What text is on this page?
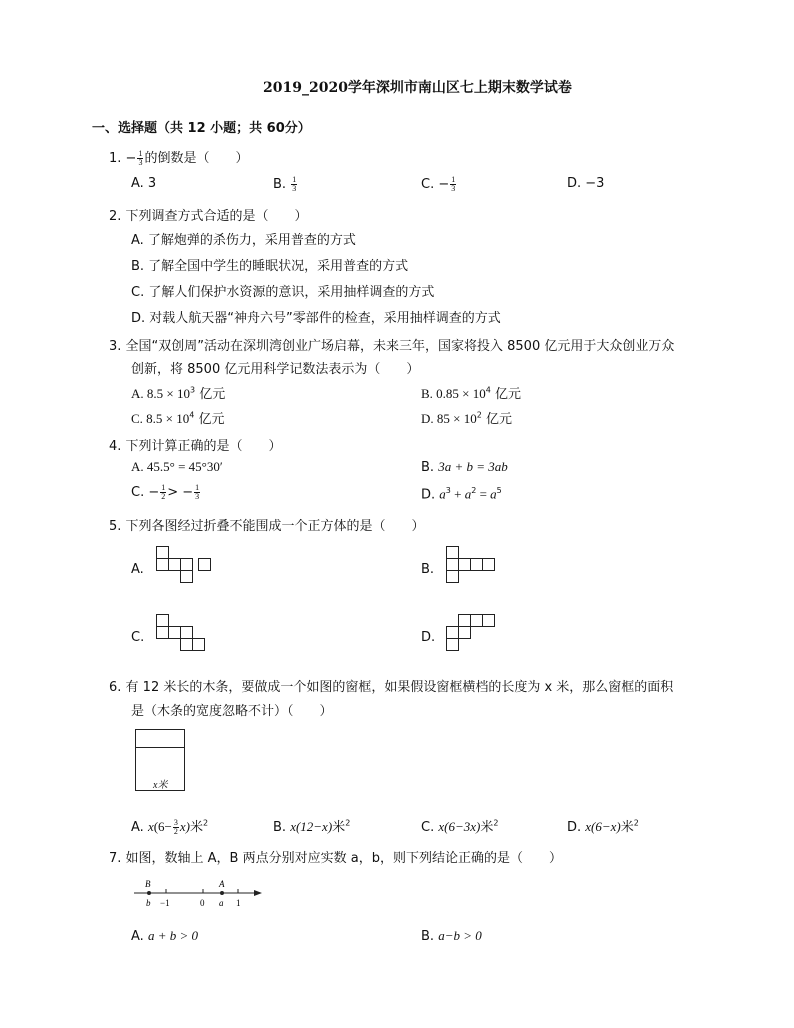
2019_2020学年深圳市南山区七上期末数学试卷
一、选择题（共 12 小题；共 60分）
1. − $\frac{1}{3}$ 的倒数是（　　）
A. 3	B. $\frac{1}{3}$	C. − $\frac{1}{3}$	D. −3
2. 下列调查方式合适的是（　　）
A. 了解炮弹的杀伤力，采用普查的方式
B. 了解全国中学生的睡眠状况，采用普查的方式
C. 了解人们保护水资源的意识，采用抽样调查的方式
D. 对载人航天器“神舟六号”零部件的检查，采用抽样调查的方式
3. 全国“双创周”活动在深圳湾创业广场启幕，未来三年，国家将投入 8500 亿元用于大众创业万众
创新，将 8500 亿元用科学记数法表示为（　　）
A. $8.5 \times 10^3$ 亿元	B. $0.85 \times 10^4$ 亿元
C. $8.5 \times 10^4$ 亿元	D. $85 \times 10^2$ 亿元
4. 下列计算正确的是（　　）
A. 45.5° = 45°30′	B. 3a + b = 3ab
C. − $\frac{1}{2}$ > − $\frac{1}{3}$	D. $a^3 + a^2 = a^5$
5. 下列各图经过折叠不能围成一个正方体的是（　　）
A.	B.
C.	D.
6. 有 12 米长的木条，要做成一个如图的窗框，如果假设窗框横档的长度为 x 米，那么窗框的面积
是（木条的宽度忽略不计）（　　）
x米
A. $x(6- \frac{3}{2} x)$米$^2$	B. x(12−x)米$^2$	C. x(6−3x)米$^2$	D. x(6−x)米$^2$
7. 如图，数轴上 A，B 两点分别对应实数 a，b，则下列结论正确的是（　　）
B	A
b −1	0 a 1
A. a + b > 0	B. a−b > 0
